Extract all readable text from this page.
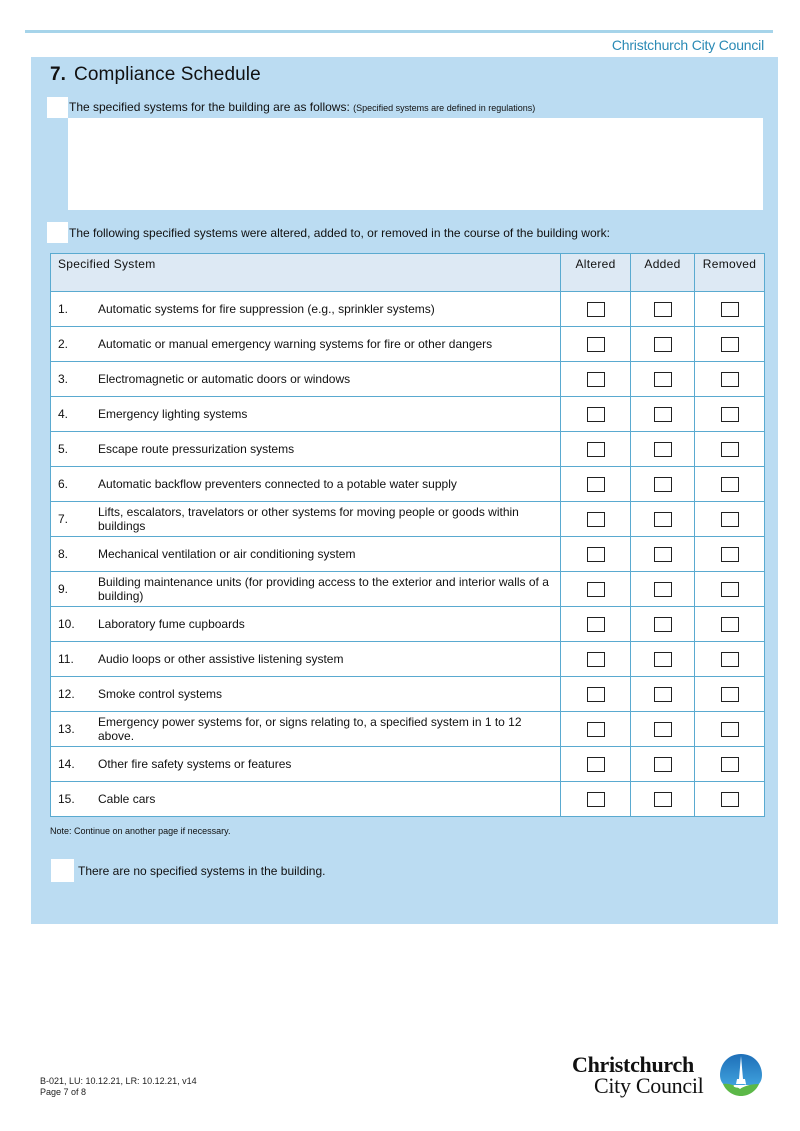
Christchurch City Council
7. Compliance Schedule
The specified systems for the building are as follows: (Specified systems are defined in regulations)
The following specified systems were altered, added to, or removed in the course of the building work:
Specified System	Altered	Added	Removed

1. Automatic systems for fire suppression (e.g., sprinkler systems)			

2. Automatic or manual emergency warning systems for fire or other dangers			

3. Electromagnetic or automatic doors or windows			

4. Emergency lighting systems			

5. Escape route pressurization systems			

6. Automatic backflow preventers connected to a potable water supply			

7. Lifts, escalators, travelators or other systems for moving people or goods within buildings			

8. Mechanical ventilation or air conditioning system			

9. Building maintenance units (for providing access to the exterior and interior walls of a building)			

10. Laboratory fume cupboards			

11. Audio loops or other assistive listening system			

12. Smoke control systems			

13. Emergency power systems for, or signs relating to, a specified system in 1 to 12 above.			

14. Other fire safety systems or features			

15. Cable cars			

Note: Continue on another page if necessary.
There are no specified systems in the building.
B-021, LU: 10.12.21, LR: 10.12.21, v14
Page 7 of 8
Christchurch
City Council
